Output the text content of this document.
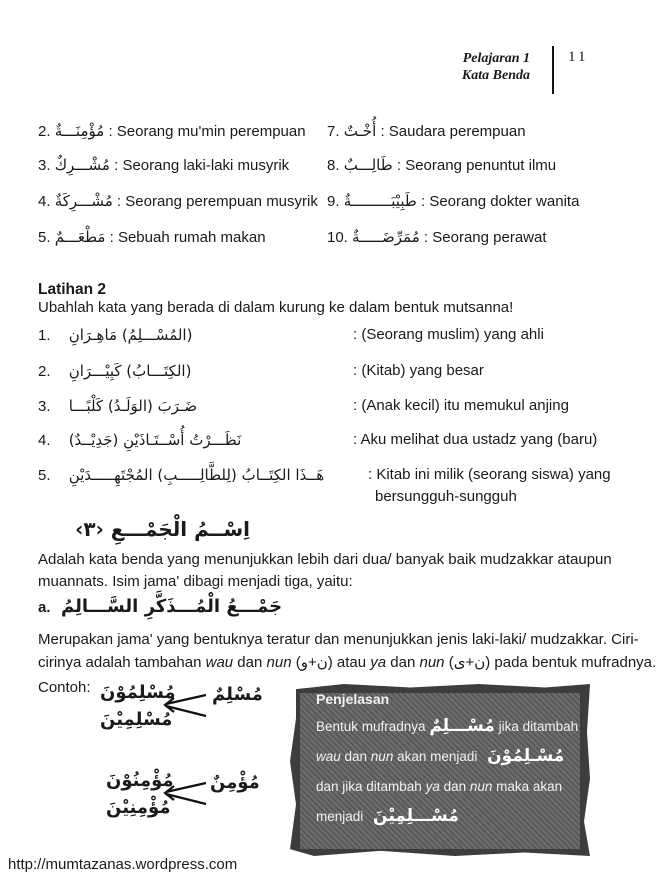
Pelajaran 1
Kata Benda
11
2. مُؤْمِنَـــةٌ : Seorang mu'min perempuan
3. مُشْـــرِكٌ : Seorang laki-laki musyrik
4. مُشْـــرِكَةٌ : Seorang perempuan musyrik
5. مَطْعَـــمٌ : Sebuah rumah makan
7. أُخْـتٌ : Saudara perempuan
8. طَالِـــبٌ : Seorang penuntut ilmu
9. طَبِيْبَـــــــــةٌ : Seorang dokter wanita
10. مُمَرِّضَـــــةٌ : Seorang perawat
Latihan 2
Ubahlah kata yang berada di dalam kurung ke dalam bentuk mutsanna!
1. (المُسْـــلِمُ) مَاهِـرَانِ	: (Seorang muslim) yang ahli
2. (الكِتَـــابُ) كَبِيْـــرَانِ	: (Kitab) yang besar
3. ضَـرَبَ (الوَلَـدُ) كَلْبًـــا	: (Anak kecil) itu memukul anjing
4. نَظَـــرْتُ أُسْــتَـاذَيْنِ (جَدِيْــدٌ)	: Aku melihat dua ustadz yang (baru)
5. هَــذَا الكِتَــابُ (لِلطَّالِـــــبِ) المُجْتَهِـــــدَيْنِ	: Kitab ini milik (seorang siswa) yang
bersungguh-sungguh
اِسْــمُ الْجَمْـــعِ ‹٣›
Adalah kata benda yang menunjukkan lebih dari dua/ banyak baik mudzakkar ataupun
muannats. Isim jama' dibagi menjadi tiga, yaitu:
a. جَمْـــعُ الْمُـــذَكَّرِ السَّـــالِمُ
Merupakan jama' yang bentuknya teratur dan menunjukkan jenis laki-laki/ mudzakkar. Ciri-
cirinya adalah tambahan wau dan nun (ن+و) atau ya dan nun (ن+ى) pada bentuk mufradnya.
Contoh: مُسْلِمُوْنَ
مُسْلِمِيْنَ
مُسْلِمٌ
مُؤْمِنُوْنَ
مُؤْمِنِيْنَ
مُؤْمِنٌ
Penjelasan
Bentuk mufradnya مُسْـــلِمٌ jika ditambah
wau dan nun akan menjadi مُسْـلِمُوْنَ
dan jika ditambah ya dan nun maka akan
menjadi مُسْـــلِمِيْنَ
http://mumtazanas.wordpress.com
